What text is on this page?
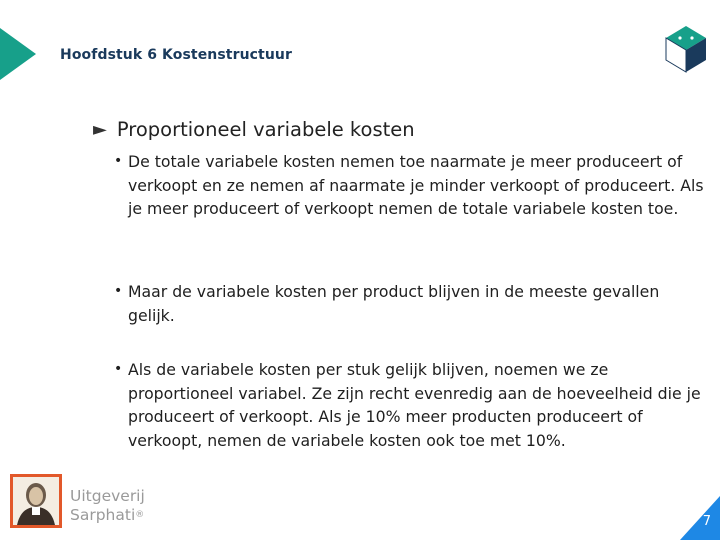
Hoofdstuk 6 Kostenstructuur
► Proportioneel variabele kosten
• De totale variabele kosten nemen toe naarmate je meer produceert of verkoopt en ze nemen af naarmate je minder verkoopt of produceert. Als je meer produceert of verkoopt nemen de totale variabele kosten toe.
• Maar de variabele kosten per product blijven in de meeste gevallen gelijk.
• Als de variabele kosten per stuk gelijk blijven, noemen we ze proportioneel variabel. Ze zijn recht evenredig aan de hoeveelheid die je produceert of verkoopt. Als je 10% meer producten produceert of verkoopt, nemen de variabele kosten ook toe met 10%.
Uitgeverij
Sarphati®	7
